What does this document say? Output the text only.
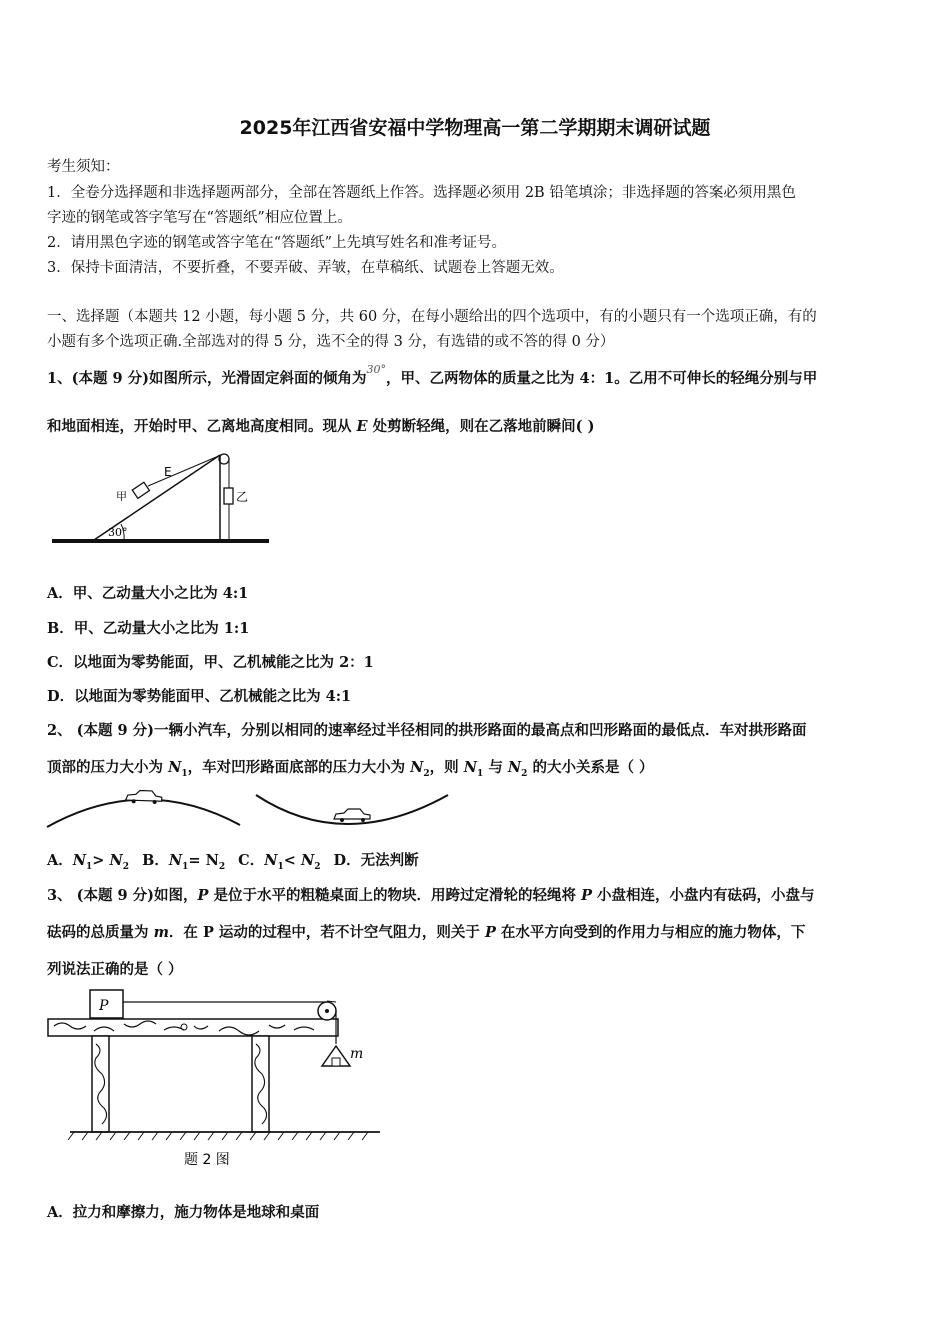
2025年江西省安福中学物理高一第二学期期末调研试题
考生须知：
1．全卷分选择题和非选择题两部分，全部在答题纸上作答。选择题必须用 2B 铅笔填涂；非选择题的答案必须用黑色
字迹的钢笔或答字笔写在“答题纸”相应位置上。
2．请用黑色字迹的钢笔或答字笔在“答题纸”上先填写姓名和准考证号。
3．保持卡面清洁，不要折叠，不要弄破、弄皱，在草稿纸、试题卷上答题无效。
一、选择题（本题共 12 小题，每小题 5 分，共 60 分，在每小题给出的四个选项中，有的小题只有一个选项正确，有的
小题有多个选项正确.全部选对的得 5 分，选不全的得 3 分，有选错的或不答的得 0 分）
1、(本题 9 分)如图所示，光滑固定斜面的倾角为$^{30^\circ}$，甲、乙两物体的质量之比为 4：1。乙用不可伸长的轻绳分别与甲
和地面相连，开始时甲、乙离地高度相同。现从 E 处剪断轻绳，则在乙落地前瞬间( )
30°
E
甲	乙
A．甲、乙动量大小之比为 4:1
B．甲、乙动量大小之比为 1:1
C．以地面为零势能面，甲、乙机械能之比为 2：1
D．以地面为零势能面甲、乙机械能之比为 4:1
2、 (本题 9 分)一辆小汽车，分别以相同的速率经过半径相同的拱形路面的最高点和凹形路面的最低点．车对拱形路面
顶部的压力大小为 $N_1$，车对凹形路面底部的压力大小为 $N_2$，则 $N_1$ 与 $N_2$ 的大小关系是（ ）
A．$N_1> N_2$ B．$N_1= N_2$ C．$N_1< N_2$ D．无法判断
3、 (本题 9 分)如图，P 是位于水平的粗糙桌面上的物块．用跨过定滑轮的轻绳将 P 小盘相连，小盘内有砝码，小盘与
砝码的总质量为 m．在 P 运动的过程中，若不计空气阻力，则关于 P 在水平方向受到的作用力与相应的施力物体，下
列说法正确的是（ ）
P
m
题 2 图
A．拉力和摩擦力，施力物体是地球和桌面
